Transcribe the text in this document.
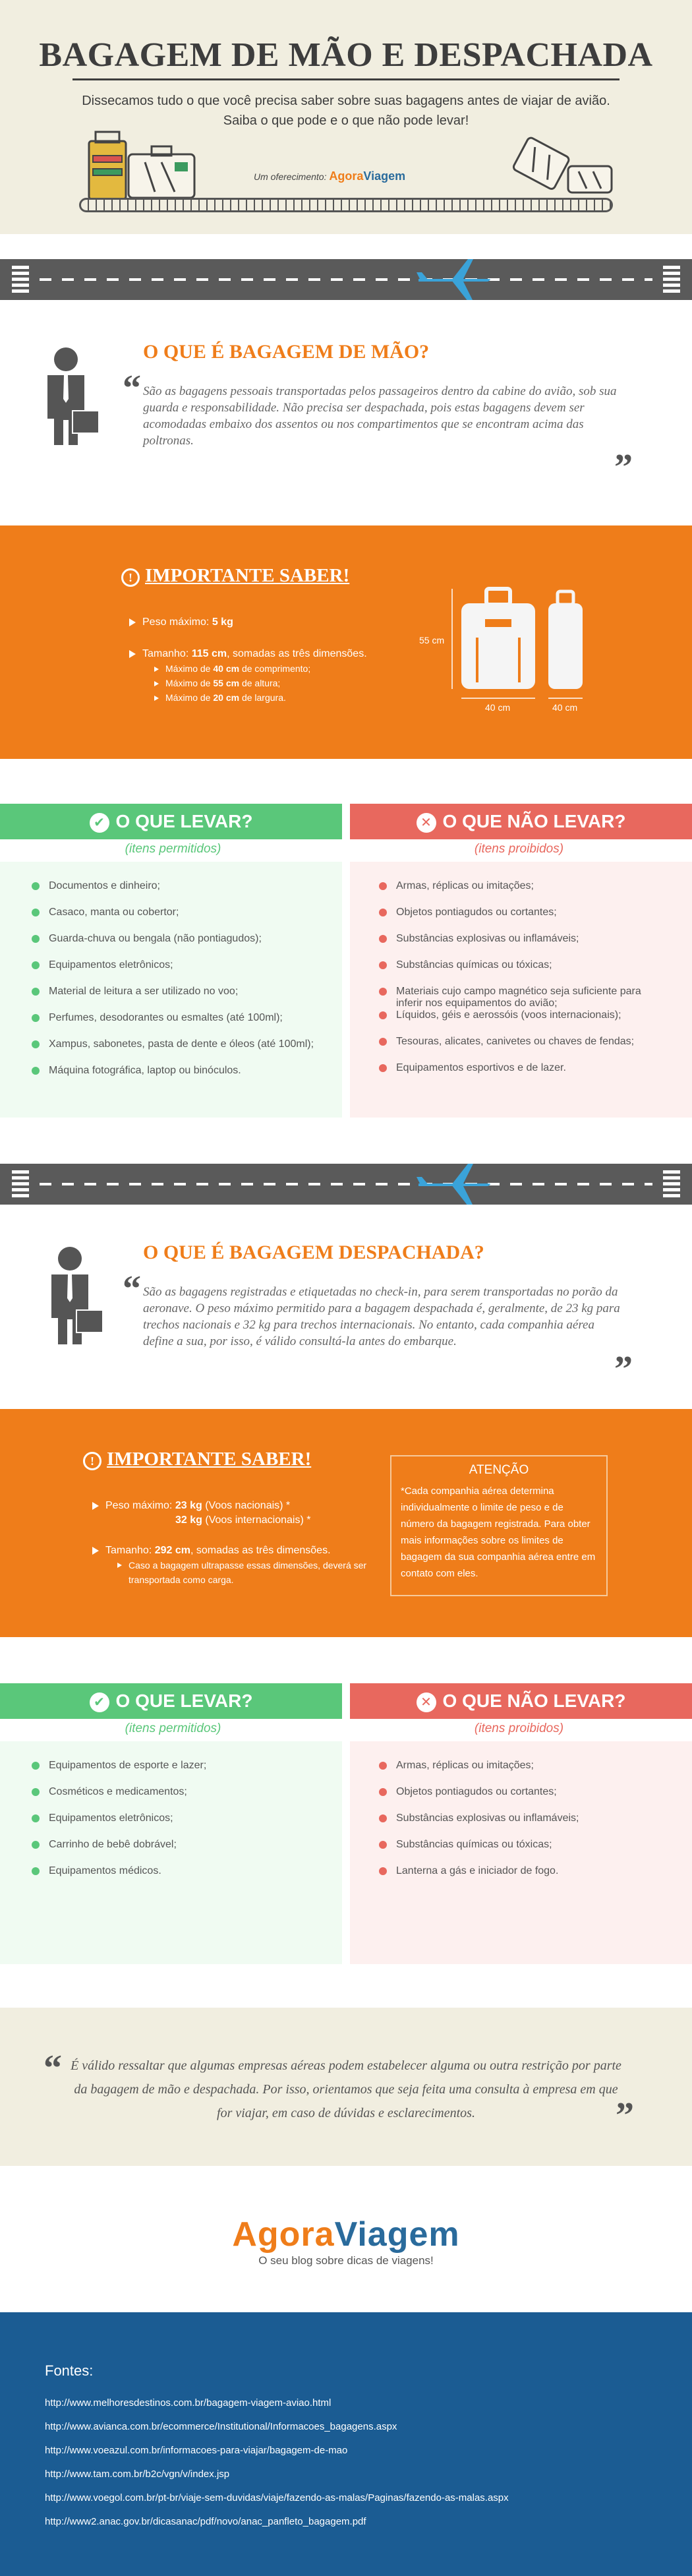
BAGAGEM DE MÃO E DESPACHADA
Dissecamos tudo o que você precisa saber sobre suas bagagens antes de viajar de avião.
Saiba o que pode e o que não pode levar!
Um oferecimento: AgoraViagem
O QUE É BAGAGEM DE MÃO?
“ São as bagagens pessoais transportadas pelos passageiros dentro da cabine do avião, sob sua guarda e responsabilidade. Não precisa ser despachada, pois estas bagagens devem ser acomodadas embaixo dos assentos ou nos compartimentos que se encontram acima das poltronas.
”
! IMPORTANTE SABER!
Peso máximo: 5 kg
Tamanho: 115 cm, somadas as três dimensões.
Máximo de 40 cm de comprimento;
Máximo de 55 cm de altura;
Máximo de 20 cm de largura.
55 cm
40 cm	40 cm
✔ O QUE LEVAR?
(itens permitidos)
Documentos e dinheiro;
Casaco, manta ou cobertor;
Guarda-chuva ou bengala (não pontiagudos);
Equipamentos eletrônicos;
Material de leitura a ser utilizado no voo;
Perfumes, desodorantes ou esmaltes (até 100ml);
Xampus, sabonetes, pasta de dente e óleos (até 100ml);
Máquina fotográfica, laptop ou binóculos.
✕ O QUE NÃO LEVAR?
(itens proibidos)
Armas, réplicas ou imitações;
Objetos pontiagudos ou cortantes;
Substâncias explosivas ou inflamáveis;
Substâncias químicas ou tóxicas;
Materiais cujo campo magnético seja suficiente para inferir nos equipamentos do avião;
Líquidos, géis e aerossóis (voos internacionais);
Tesouras, alicates, canivetes ou chaves de fendas;
Equipamentos esportivos e de lazer.
O QUE É BAGAGEM DESPACHADA?
“ São as bagagens registradas e etiquetadas no check-in, para serem transportadas no porão da aeronave. O peso máximo permitido para a bagagem despachada é, geralmente, de 23 kg para trechos nacionais e 32 kg para trechos internacionais. No entanto, cada companhia aérea define a sua, por isso, é válido consultá-la antes do embarque.
”
! IMPORTANTE SABER!
Peso máximo: 23 kg (Voos nacionais) *
32 kg (Voos internacionais) *
Tamanho: 292 cm, somadas as três dimensões.
Caso a bagagem ultrapasse essas dimensões, deverá ser transportada como carga.
ATENÇÃO
*Cada companhia aérea determina individualmente o limite de peso e de número da bagagem registrada. Para obter mais informações sobre os limites de bagagem da sua companhia aérea entre em contato com eles.
✔ O QUE LEVAR?
(itens permitidos)
Equipamentos de esporte e lazer;
Cosméticos e medicamentos;
Equipamentos eletrônicos;
Carrinho de bebê dobrável;
Equipamentos médicos.
✕ O QUE NÃO LEVAR?
(itens proibidos)
Armas, réplicas ou imitações;
Objetos pontiagudos ou cortantes;
Substâncias explosivas ou inflamáveis;
Substâncias químicas ou tóxicas;
Lanterna a gás e iniciador de fogo.
“ É válido ressaltar que algumas empresas aéreas podem estabelecer alguma ou outra restrição por parte da bagagem de mão e despachada. Por isso, orientamos que seja feita uma consulta à empresa em que for viajar, em caso de dúvidas e esclarecimentos.	”
AgoraViagem
O seu blog sobre dicas de viagens!
Fontes:
http://www.melhoresdestinos.com.br/bagagem-viagem-aviao.html
http://www.avianca.com.br/ecommerce/Institutional/Informacoes_bagagens.aspx
http://www.voeazul.com.br/informacoes-para-viajar/bagagem-de-mao
http://www.tam.com.br/b2c/vgn/v/index.jsp
http://www.voegol.com.br/pt-br/viaje-sem-duvidas/viaje/fazendo-as-malas/Paginas/fazendo-as-malas.aspx
http://www2.anac.gov.br/dicasanac/pdf/novo/anac_panfleto_bagagem.pdf
